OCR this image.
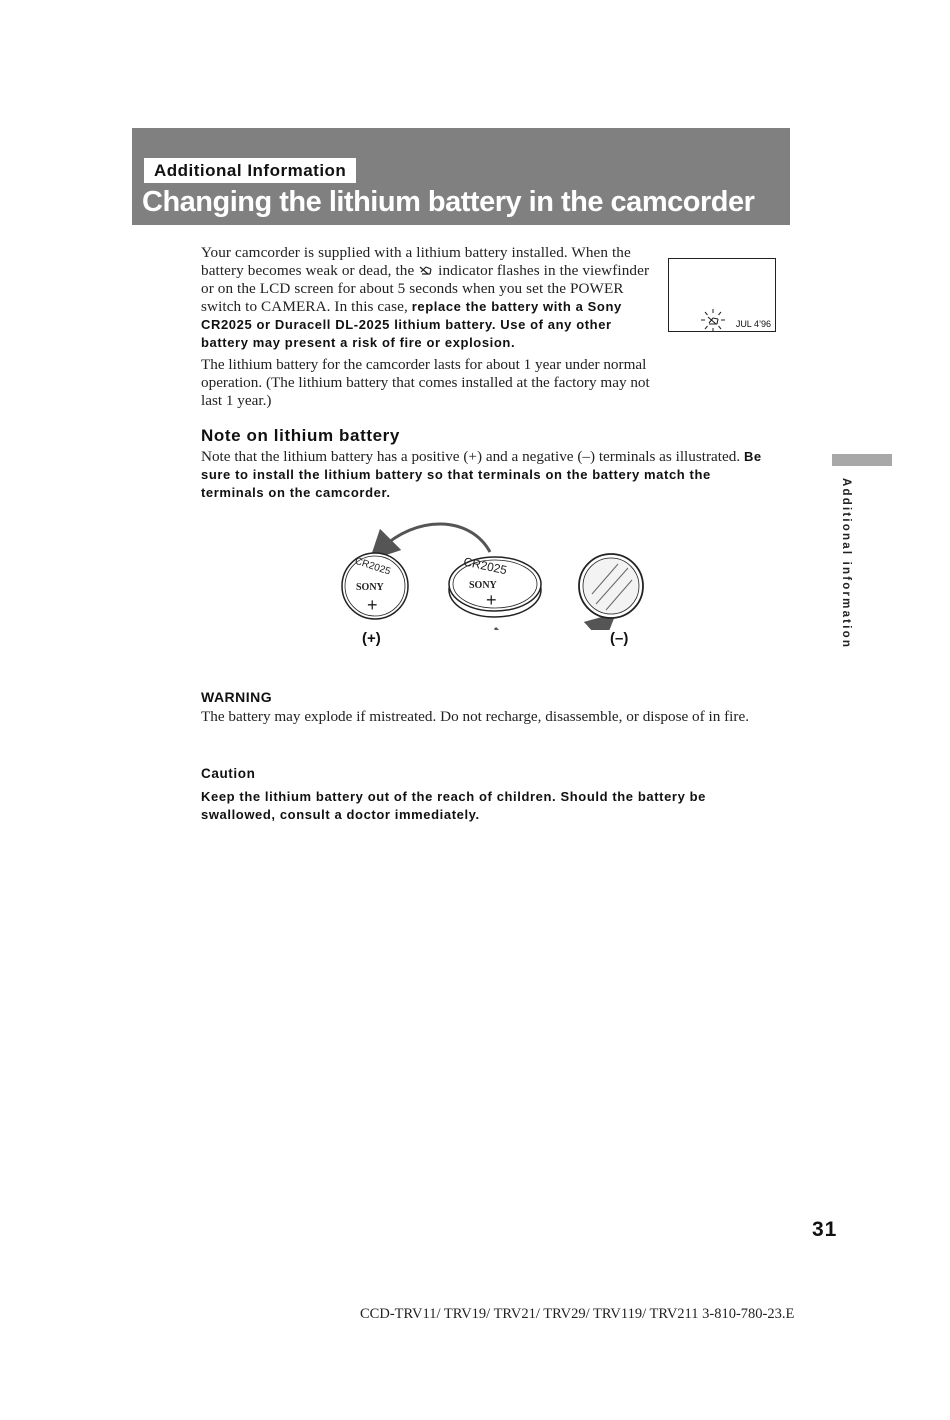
Additional Information
Changing the lithium battery in the camcorder
Your camcorder is supplied with a lithium battery installed. When the battery becomes weak or dead, the indicator flashes in the viewfinder or on the LCD screen for about 5 seconds when you set the POWER switch to CAMERA. In this case, replace the battery with a Sony CR2025 or Duracell DL-2025 lithium battery. Use of any other battery may present a risk of fire or explosion.
The lithium battery for the camcorder lasts for about 1 year under normal operation. (The lithium battery that comes installed at the factory may not last 1 year.)
JUL 4’96
Note on lithium battery
Note that the lithium battery has a positive (+) and a negative (–) terminals as illustrated. Be sure to install the lithium battery so that terminals on the battery match the terminals on the camcorder.	Additional information
CR2025
SONY
+
CR2025
SONY
+
(+)	(–)
WARNING
The battery may explode if mistreated. Do not recharge, disassemble, or dispose of in fire.
Caution
Keep the lithium battery out of the reach of children. Should the battery be swallowed, consult a doctor immediately.
31
CCD-TRV11/ TRV19/ TRV21/ TRV29/ TRV119/ TRV211 3-810-780-23.E
